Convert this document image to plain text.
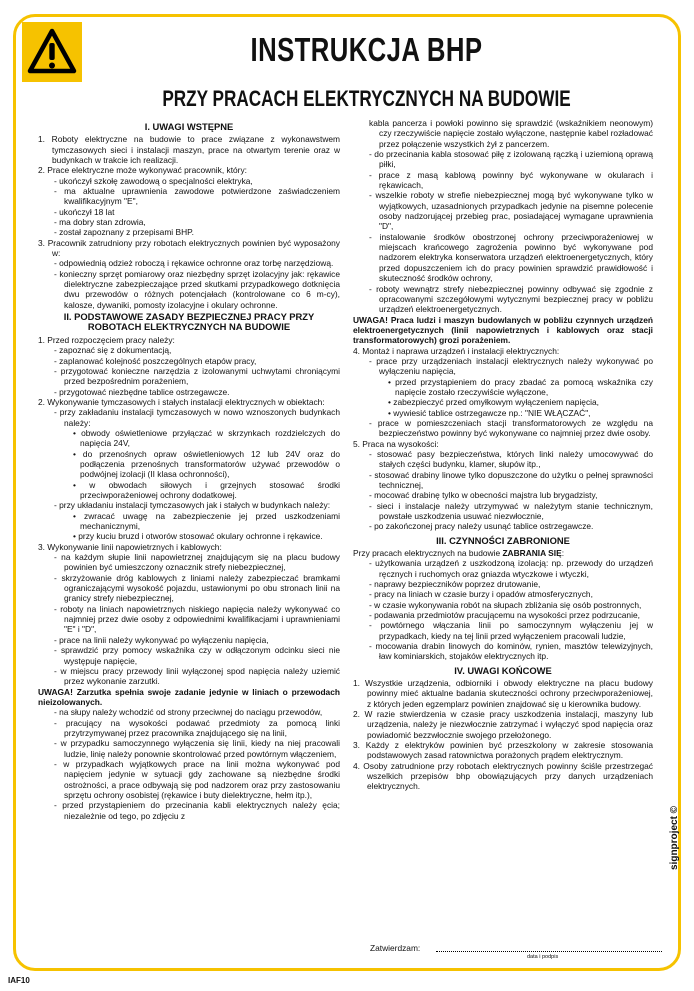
INSTRUKCJA BHP
PRZY PRACACH ELEKTRYCZNYCH NA BUDOWIE
I. UWAGI WSTĘPNE
1. Roboty elektryczne na budowie to prace związane z wykonawstwem tymczasowych sieci i instalacji maszyn, prace na otwartym terenie oraz w budynkach w trakcie ich realizacji.
2. Prace elektryczne może wykonywać pracownik, który:
- ukończył szkołę zawodową o specjalności elektryka,
- ma aktualne uprawnienia zawodowe potwierdzone zaświadczeniem kwalifikacyjnym "E",
- ukończył 18 lat
- ma dobry stan zdrowia,
- został zapoznany z przepisami BHP.
3. Pracownik zatrudniony przy robotach elektrycznych powinien być wyposażony w:
- odpowiednią odzież roboczą i rękawice ochronne oraz torbę narzędziową.
- konieczny sprzęt pomiarowy oraz niezbędny sprzęt izolacyjny jak: rękawice dielektryczne zabezpieczające przed skutkami przypadkowego dotknięcia dwu przewodów o różnych potencjałach (kontrolowane co 6 m-cy), kalosze, dywaniki, pomosty izolacyjne i okulary ochronne.
II. PODSTAWOWE ZASADY BEZPIECZNEJ PRACY PRZY ROBOTACH ELEKTRYCZNYCH NA BUDOWIE
1. Przed rozpoczęciem pracy należy:
- zapoznać się z dokumentacją,
- zaplanować kolejność poszczególnych etapów pracy,
- przygotować konieczne narzędzia z izolowanymi uchwytami chroniącymi przed bezpośrednim porażeniem,
- przygotować niezbędne tablice ostrzegawcze.
2. Wykonywanie tymczasowych i stałych instalacji elektrycznych w obiektach:
- przy zakładaniu instalacji tymczasowych w nowo wznoszonych budynkach należy:
• obwody oświetleniowe przyłączać w skrzynkach rozdzielczych do napięcia 24V,
• do przenośnych opraw oświetleniowych 12 lub 24V oraz do podłączenia przenośnych transformatorów używać przewodów o podwójnej izolacji (II klasa ochronności),
• w obwodach siłowych i grzejnych stosować środki przeciwporażeniowej ochrony dodatkowej.
- przy układaniu instalacji tymczasowych jak i stałych w budynkach należy:
• zwracać uwagę na zabezpieczenie jej przed uszkodzeniami mechanicznymi,
• przy kuciu bruzd i otworów stosować okulary ochronne i rękawice.
3. Wykonywanie linii napowietrznych i kablowych:
- na każdym słupie linii napowietrznej znajdującym się na placu budowy powinien być umieszczony oznacznik strefy niebezpiecznej,
- skrzyżowanie dróg kablowych z liniami należy zabezpieczać bramkami ograniczającymi wysokość pojazdu, ustawionymi po obu stronach linii na granicy strefy niebezpiecznej,
- roboty na liniach napowietrznych niskiego napięcia należy wykonywać co najmniej przez dwie osoby z odpowiednimi kwalifikacjami i uprawnieniami "E" i "D",
- prace na linii należy wykonywać po wyłączeniu napięcia,
- sprawdzić przy pomocy wskaźnika czy w odłączonym odcinku sieci nie występuje napięcie,
- w miejscu pracy przewody linii wyłączonej spod napięcia należy uziemić przez wykonanie zarzutki.
UWAGA! Zarzutka spełnia swoje zadanie jedynie w liniach o przewodach nieizolowanych.
- na słupy należy wchodzić od strony przeciwnej do naciągu przewodów,
- pracujący na wysokości podawać przedmioty za pomocą linki przytrzymywanej przez pracownika znajdującego się na linii,
- w przypadku samoczynnego wyłączenia się linii, kiedy na niej pracowali ludzie, linię należy ponownie skontrolować przed powtórnym włączeniem,
- w przypadkach wyjątkowych prace na linii można wykonywać pod napięciem jedynie w sytuacji gdy zachowane są niezbędne środki ostrożności, a prace odbywają się pod nadzorem oraz przy zastosowaniu sprzętu ochrony osobistej (rękawice i buty dielektryczne, hełm itp.),
- przed przystąpieniem do przecinania kabli elektrycznych należy ęcia; niezależnie od tego, po zdjęciu z
kabla pancerza i powłoki powinno się sprawdzić (wskaźnikiem neonowym) czy rzeczywiście napięcie zostało wyłączone, następnie kabel rozładować przez połączenie wszystkich żył z pancerzem.
- do przecinania kabla stosować piłę z izolowaną rączką i uziemioną oprawą piłki,
- prace z masą kablową powinny być wykonywane w okularach i rękawicach,
- wszelkie roboty w strefie niebezpiecznej mogą być wykonywane tylko w wyjątkowych, uzasadnionych przypadkach jedynie na pisemne polecenie osoby nadzorującej przebieg prac, posiadającej wymagane uprawnienia "D",
- instalowanie środków obostrzonej ochrony przeciwporażeniowej w miejscach krańcowego zagrożenia powinno być wykonywane pod nadzorem elektryka konserwatora urządzeń elektroenergetycznych, który przed dopuszczeniem ich do pracy powinien sprawdzić prawidłowość i skuteczność środków ochrony,
- roboty wewnątrz strefy niebezpiecznej powinny odbywać się zgodnie z opracowanymi szczegółowymi wytycznymi bezpiecznej pracy w pobliżu urządzeń elektroenergetycznych.
UWAGA! Praca ludzi i maszyn budowlanych w pobliżu czynnych urządzeń elektroenergetycznych (linii napowietrznych i kablowych oraz stacji transformatorowych) grozi porażeniem.
4. Montaż i naprawa urządzeń i instalacji elektrycznych:
- prace przy urządzeniach instalacji elektrycznych należy wykonywać po wyłączeniu napięcia,
• przed przystąpieniem do pracy zbadać za pomocą wskaźnika czy napięcie zostało rzeczywiście wyłączone,
• zabezpieczyć przed omyłkowym wyłączeniem napięcia,
• wywiesić tablice ostrzegawcze np.: "NIE WŁĄCZAĆ",
- prace w pomieszczeniach stacji transformatorowych ze względu na bezpieczeństwo powinny być wykonywane co najmniej przez dwie osoby.
5. Praca na wysokości:
- stosować pasy bezpieczeństwa, których linki należy umocowywać do stałych części budynku, klamer, słupów itp.,
- stosować drabiny linowe tylko dopuszczone do użytku o pełnej sprawności technicznej,
- mocować drabinę tylko w obecności majstra lub brygadzisty,
- sieci i instalacje należy utrzymywać w należytym stanie technicznym, powstałe uszkodzenia usuwać niezwłocznie,
- po zakończonej pracy należy usunąć tablice ostrzegawcze.
III. CZYNNOŚCI ZABRONIONE
Przy pracach elektrycznych na budowie ZABRANIA SIĘ:
- użytkowania urządzeń z uszkodzoną izolacją: np. przewody do urządzeń ręcznych i ruchomych oraz gniazda wtyczkowe i wtyczki,
- naprawy bezpieczników poprzez drutowanie,
- pracy na liniach w czasie burzy i opadów atmosferycznych,
- w czasie wykonywania robót na słupach zbliżania się osób postronnych,
- podawania przedmiotów pracującemu na wysokości przez podrzucanie,
- powtórnego włączania linii po samoczynnym wyłączeniu jej w przypadkach, kiedy na tej linii przed wyłączeniem pracowali ludzie,
- mocowania drabin linowych do kominów, rynien, masztów telewizyjnych, ław kominiarskich, stojaków elektrycznych itp.
IV. UWAGI KOŃCOWE
1. Wszystkie urządzenia, odbiorniki i obwody elektryczne na placu budowy powinny mieć aktualne badania skuteczności ochrony przeciwporażeniowej, z których jeden egzemplarz powinien znajdować się u kierownika budowy.
2. W razie stwierdzenia w czasie pracy uszkodzenia instalacji, maszyny lub urządzenia, należy je niezwłocznie zatrzymać i wyłączyć spod napięcia oraz powiadomić bezzwłocznie swojego przełożonego.
3. Każdy z elektryków powinien być przeszkolony w zakresie stosowania podstawowych zasad ratownictwa porażonych prądem elektrycznym.
4. Osoby zatrudnione przy robotach elektrycznych powinny ściśle przestrzegać wszelkich przepisów bhp obowiązujących przy danych urządzeniach elektrycznych.
Zatwierdzam:
data i podpis
signproject ©
IAF10
